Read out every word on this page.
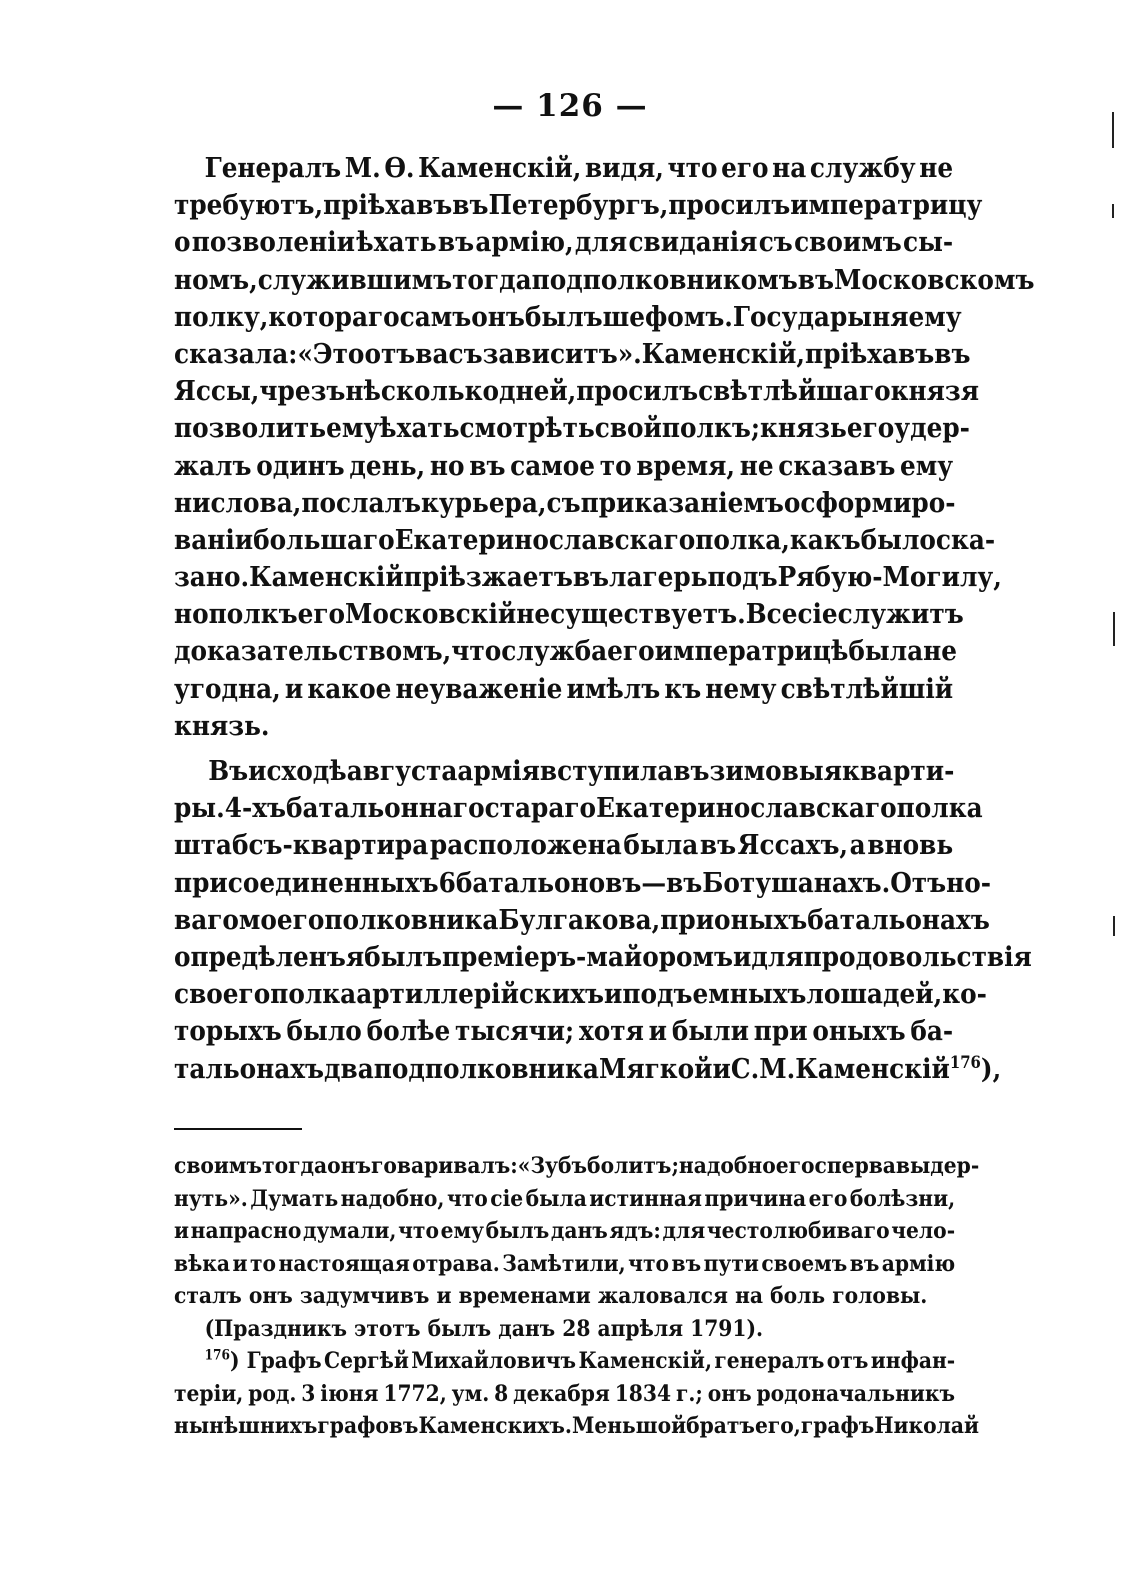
— 126 —
Генералъ М. Ѳ. Каменскій, видя, что его на службу не
требуютъ, пріѣхавъ въ Петербургъ, просилъ императрицу
о позволеніи ѣхать въ армію, для свиданія съ своимъ сы-
номъ, служившимъ тогда подполковникомъ въ Московскомъ
полку, котораго самъ онъ былъ шефомъ. Государыня ему
сказала: «Это отъ васъ зависитъ». Каменскій, пріѣхавъ въ
Яссы, чрезъ нѣсколько дней, просилъ свѣтлѣйшаго князя
позволить ему ѣхать смотрѣть свой полкъ; князь его удер-
жалъ одинъ день, но въ самое то время, не сказавъ ему
ни слова, послалъ курьера, съ приказаніемъ о сформиро-
ваніи большаго Екатеринославскаго полка, какъ было ска-
зано. Каменскій пріѣзжаетъ въ лагерь подъ Рябую-Могилу,
но полкъ его Московскій не существуетъ. Все сіе служитъ
доказательствомъ, что служба его императрицѣ была не
угодна, и какое неуваженіе имѣлъ къ нему свѣтлѣйшій
князь.
Въ исходѣ августа армія вступила въ зимовыя кварти-
ры. 4-хъ батальоннаго стараго Екатеринославскаго полка
штабсъ-квартира расположена была въ Яссахъ, а вновь
присоединенныхъ 6 батальоновъ—въ Ботушанахъ. Отъ но-
ваго моего полковника Булгакова, при оныхъ батальонахъ
опредѣленъ я былъ преміеръ-майоромъ и для продовольствія
своего полка артиллерійскихъ и подъемныхъ лошадей, ко-
торыхъ было болѣе тысячи; хотя и были при оныхъ ба-
тальонахъ два подполковника Мягкой и С. М. Каменскій$^{176}$),
своимъ тогда онъ говаривалъ: «Зубъ болитъ; надобно его сперва выдер-
нуть». Думать надобно, что сіе была истинная причина его болѣзни,
и напрасно думали, что ему былъ данъ ядъ: для честолюбиваго чело-
вѣка и то настоящая отрава. Замѣтили, что въ пути своемъ въ армію
сталъ онъ задумчивъ и временами жаловался на боль головы.
(Праздникъ этотъ былъ данъ 28 апрѣля 1791).
$^{176}$) Графъ Сергѣй Михайловичъ Каменскій, генералъ отъ инфан-
теріи, род. 3 іюня 1772, ум. 8 декабря 1834 г.; онъ родоначальникъ
нынѣшнихъ графовъ Каменскихъ. Меньшой братъ его, графъ Николай
